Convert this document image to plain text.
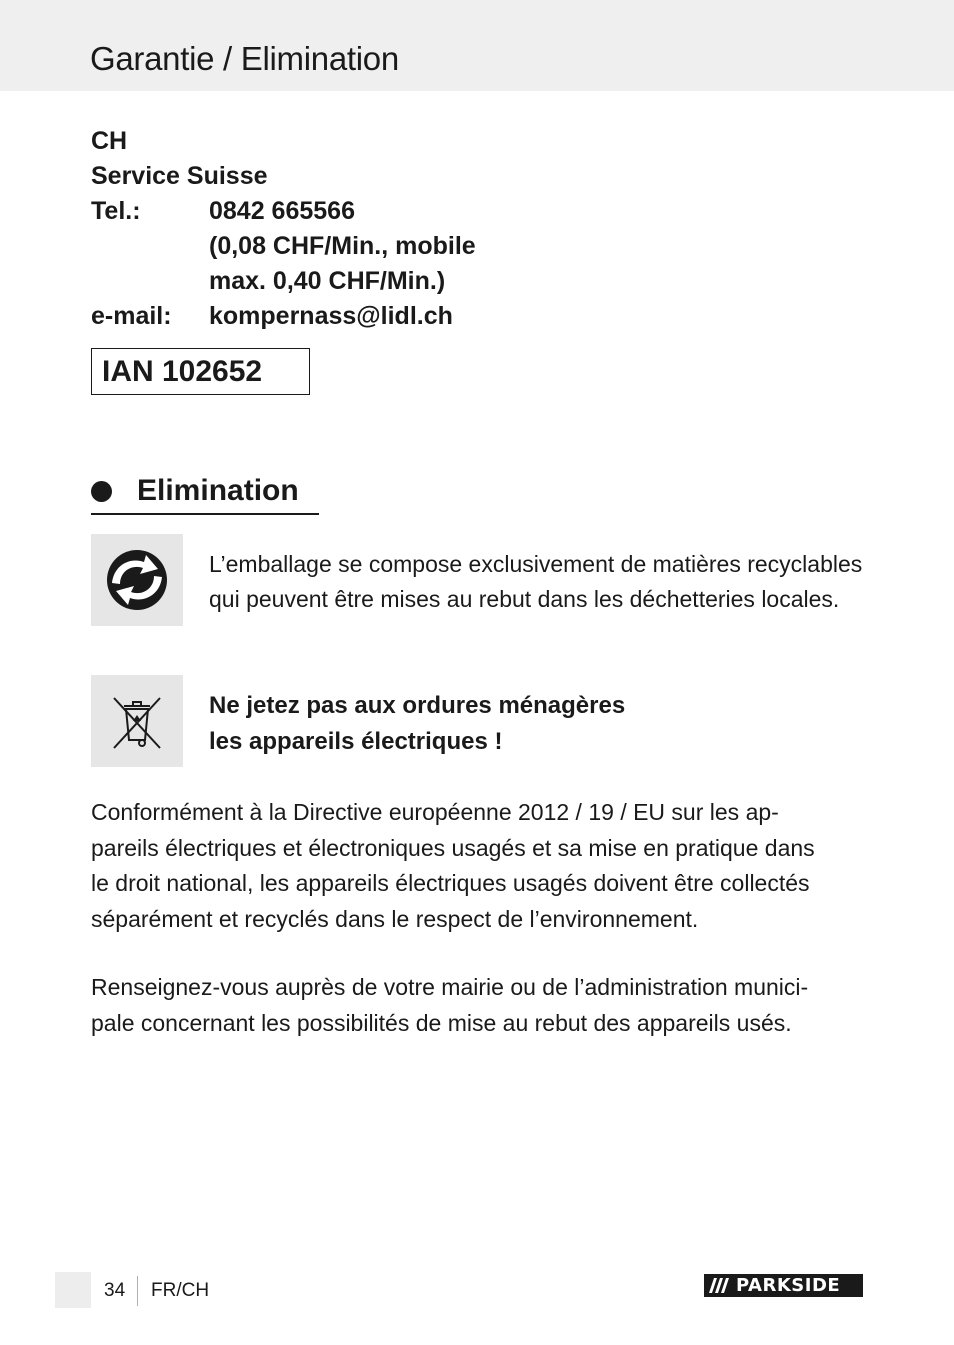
Garantie / Elimination
CH
Service Suisse
Tel.:	0842 665566
(0,08 CHF/Min., mobile
max. 0,40 CHF/Min.)
e-mail:	kompernass@lidl.ch
IAN 102652
Elimination
L’emballage se compose exclusivement de matières recyclables
qui peuvent être mises au rebut dans les déchetteries locales.
Ne jetez pas aux ordures ménagères
les appareils électriques !
Conformément à la Directive européenne 2012 / 19 / EU sur les ap-
pareils électriques et électroniques usagés et sa mise en pratique dans
le droit national, les appareils électriques usagés doivent être collectés
séparément et recyclés dans le respect de l’environnement.
Renseignez-vous auprès de votre mairie ou de l’administration munici-
pale concernant les possibilités de mise au rebut des appareils usés.
34 FR/CH	PARKSIDE
